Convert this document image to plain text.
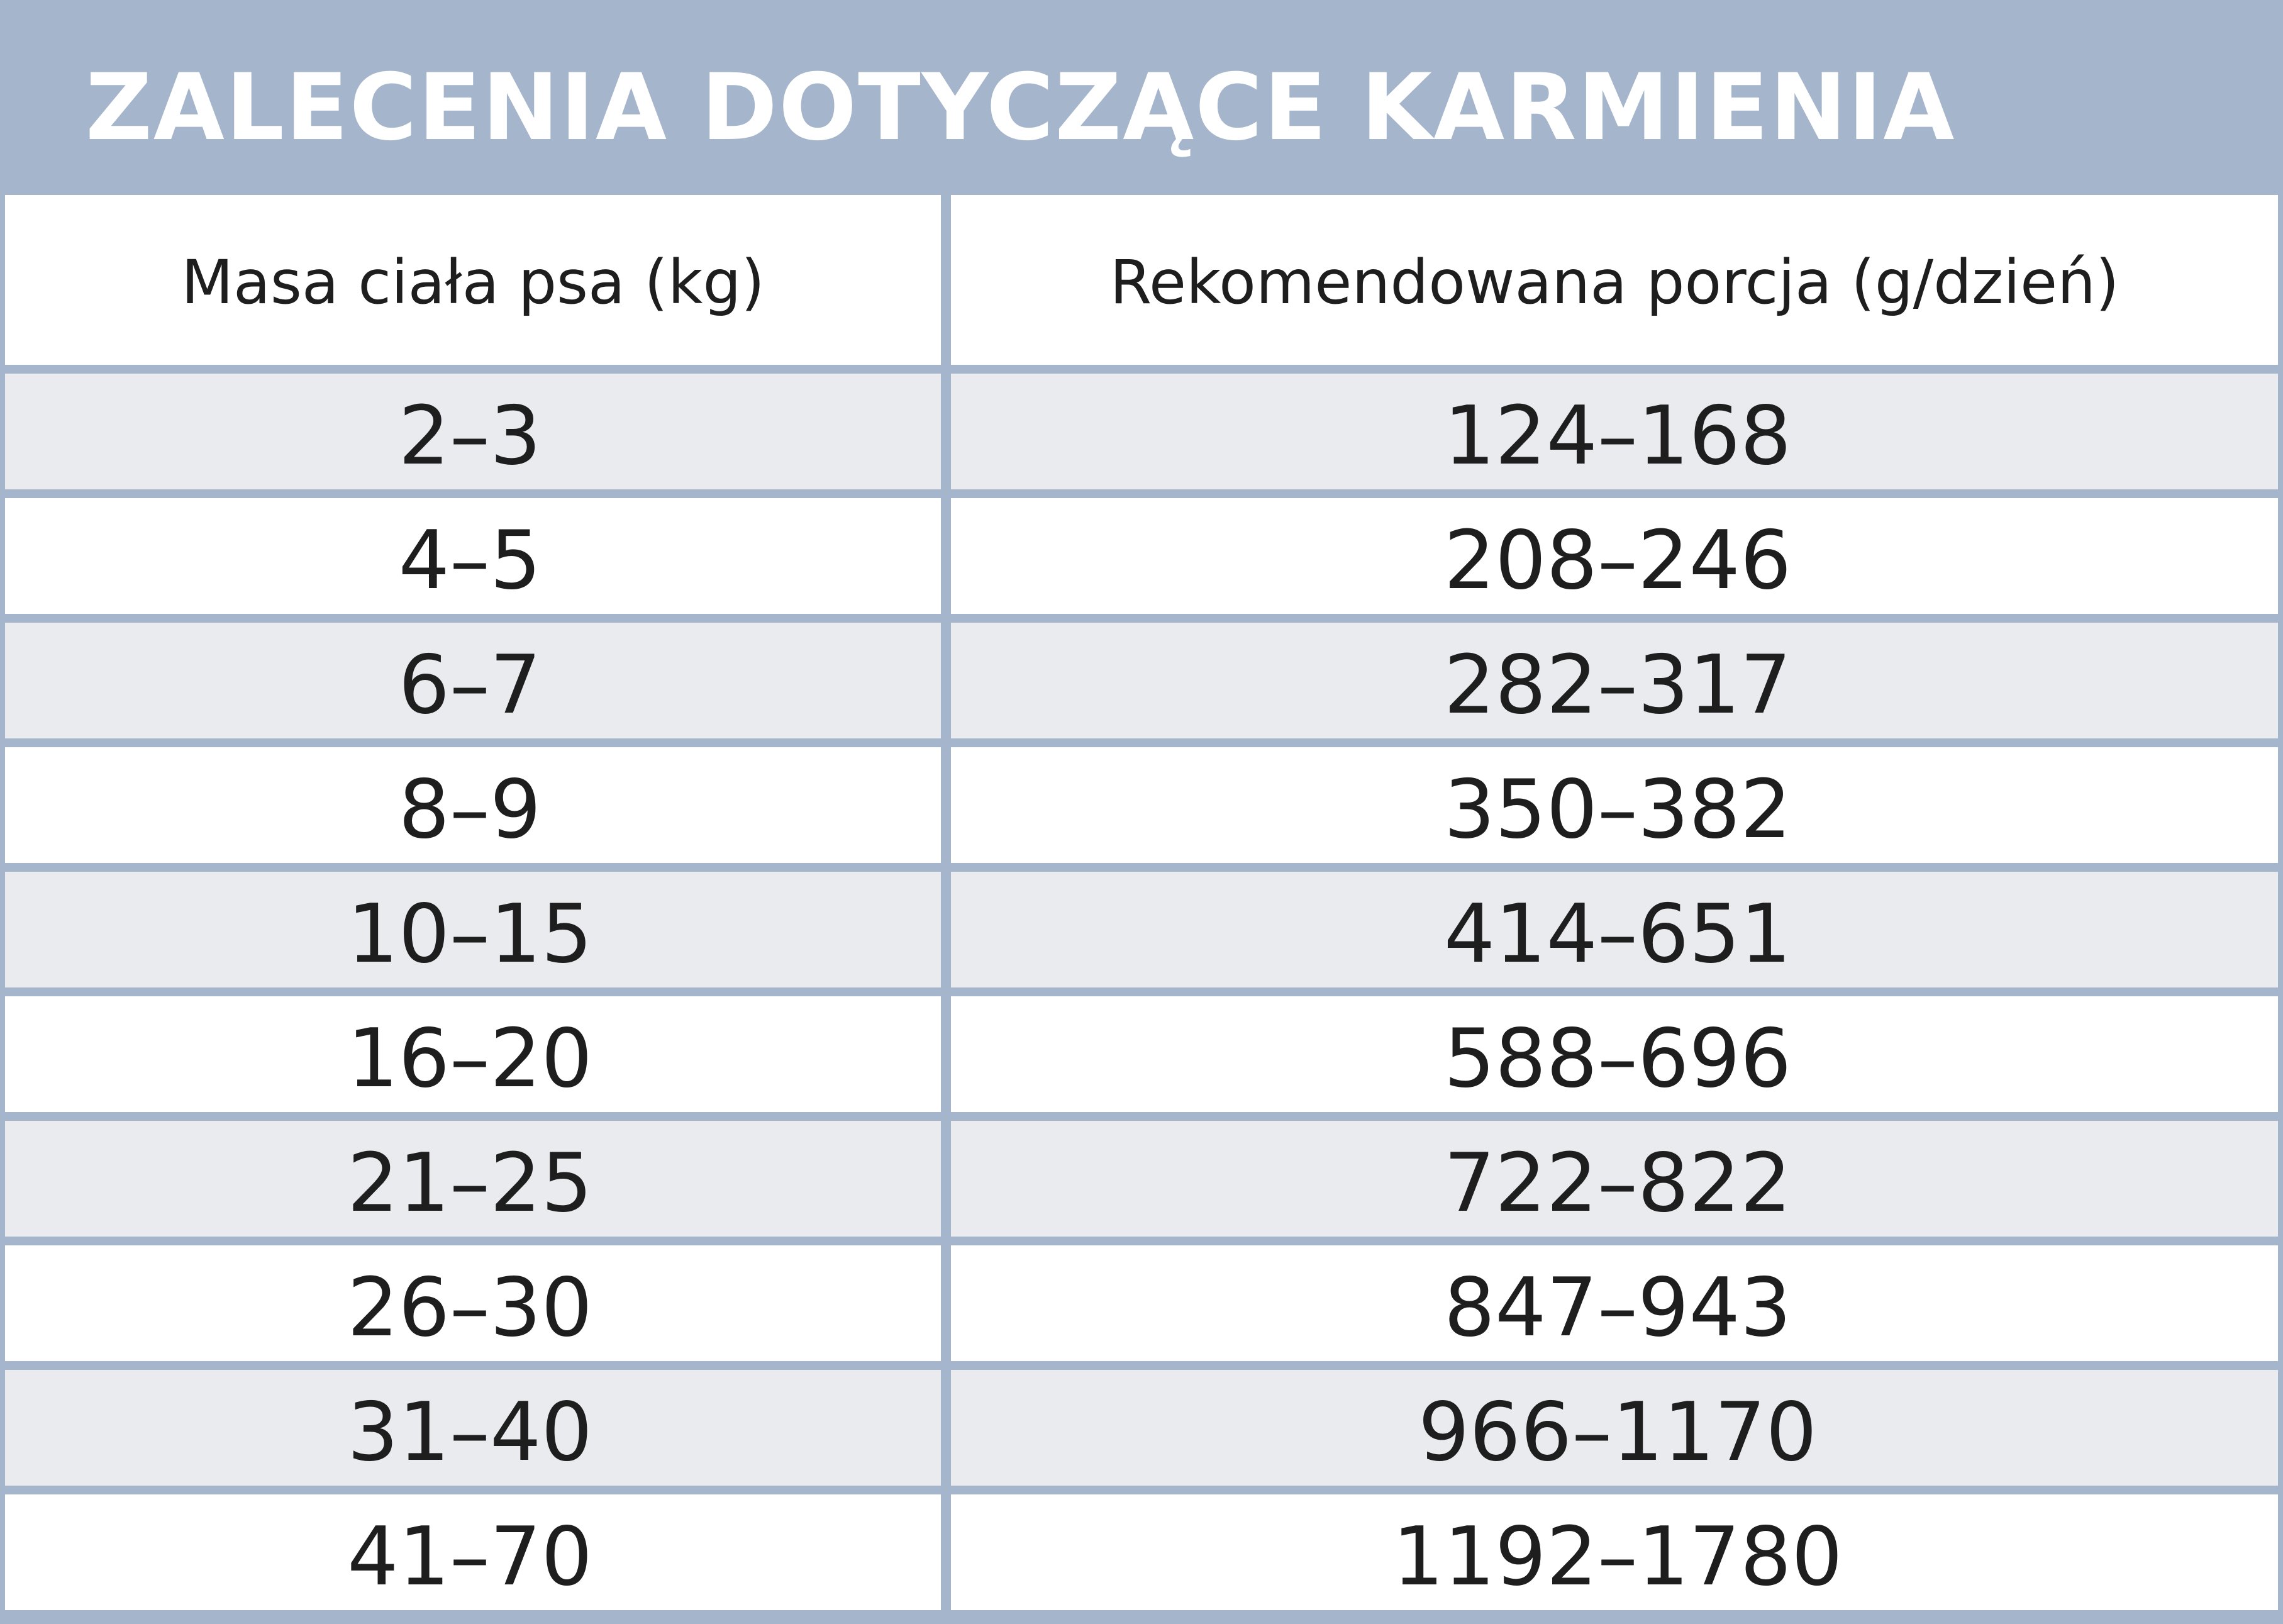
ZALECENIA DOTYCZĄCE KARMIENIA
Masa ciała psa (kg)	Rekomendowana porcja (g/dzień)
2–3	124–168
4–5	208–246
6–7	282–317
8–9	350–382
10–15	414–651
16–20	588–696
21–25	722–822
26–30	847–943
31–40	966–1170
41–70	1192–1780
